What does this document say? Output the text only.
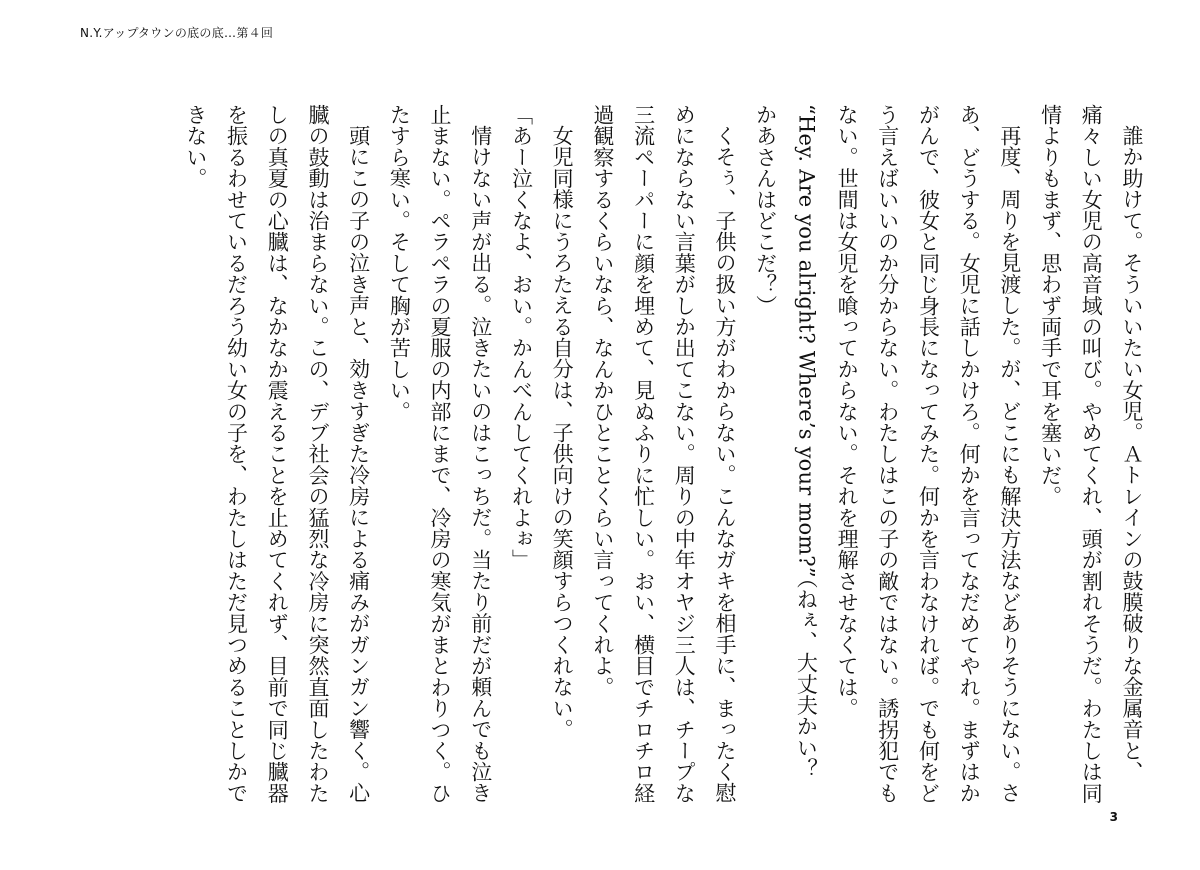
N.Y.アップタウンの底の底…第４回

誰か助けて。そういいたい女児。Ａトレインの鼓膜破りな金属音と、痛々しい女児の高音域の叫び。やめてくれ、頭が割れそうだ。わたしは同情よりもまず、思わず両手で耳を塞いだ。

再度、周りを見渡した。が、どこにも解決方法などありそうにない。さあ、どうする。女児に話しかけろ。何かを言ってなだめてやれ。まずはかがんで、彼女と同じ身長になってみた。何かを言わなければ。でも何をどう言えばいいのか分からない。わたしはこの子の敵ではない。誘拐犯でもない。世間は女児を喰ってからない。それを理解させなくては。

“Hey. Are you alright? Where’s your mom?”（ねぇ、大丈夫かい？　かあさんはどこだ？）

くそぅ、子供の扱い方がわからない。こんなガキを相手に、まったく慰めにならない言葉がしか出てこない。周りの中年オヤジ三人は、チープな三流ペーパーに顔を埋めて、見ぬふりに忙しい。おい、横目でチロチロ経過観察するくらいなら、なんかひとことくらい言ってくれよ。

女児同様にうろたえる自分は、子供向けの笑顔すらつくれない。

「あー泣くなよ、おい。かんべんしてくれよぉ」

情けない声が出る。泣きたいのはこっちだ。当たり前だが頼んでも泣き止まない。ペラペラの夏服の内部にまで、冷房の寒気がまとわりつく。ひたすら寒い。そして胸が苦しい。

頭にこの子の泣き声と、効きすぎた冷房による痛みがガンガン響く。心臓の鼓動は治まらない。この、デブ社会の猛烈な冷房に突然直面したわたしの真夏の心臓は、なかなか震えることを止めてくれず、目前で同じ臓器を振るわせているだろう幼い女の子を、わたしはただ見つめることしかできない。

3
